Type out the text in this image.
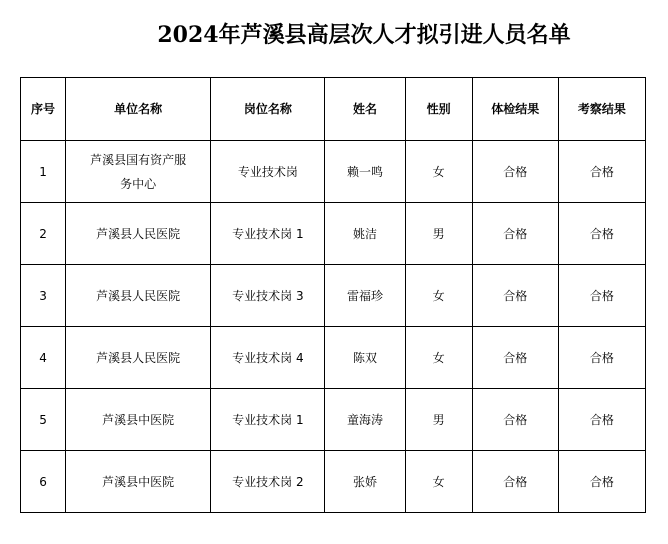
2024年芦溪县高层次人才拟引进人员名单
序号	单位名称	岗位名称	姓名	性别	体检结果	考察结果
1	芦溪县国有资产服务中心	专业技术岗	赖一鸣	女	合格	合格
2	芦溪县人民医院	专业技术岗 1	姚洁	男	合格	合格
3	芦溪县人民医院	专业技术岗 3	雷福珍	女	合格	合格
4	芦溪县人民医院	专业技术岗 4	陈双	女	合格	合格
5	芦溪县中医院	专业技术岗 1	童海涛	男	合格	合格
6	芦溪县中医院	专业技术岗 2	张娇	女	合格	合格
